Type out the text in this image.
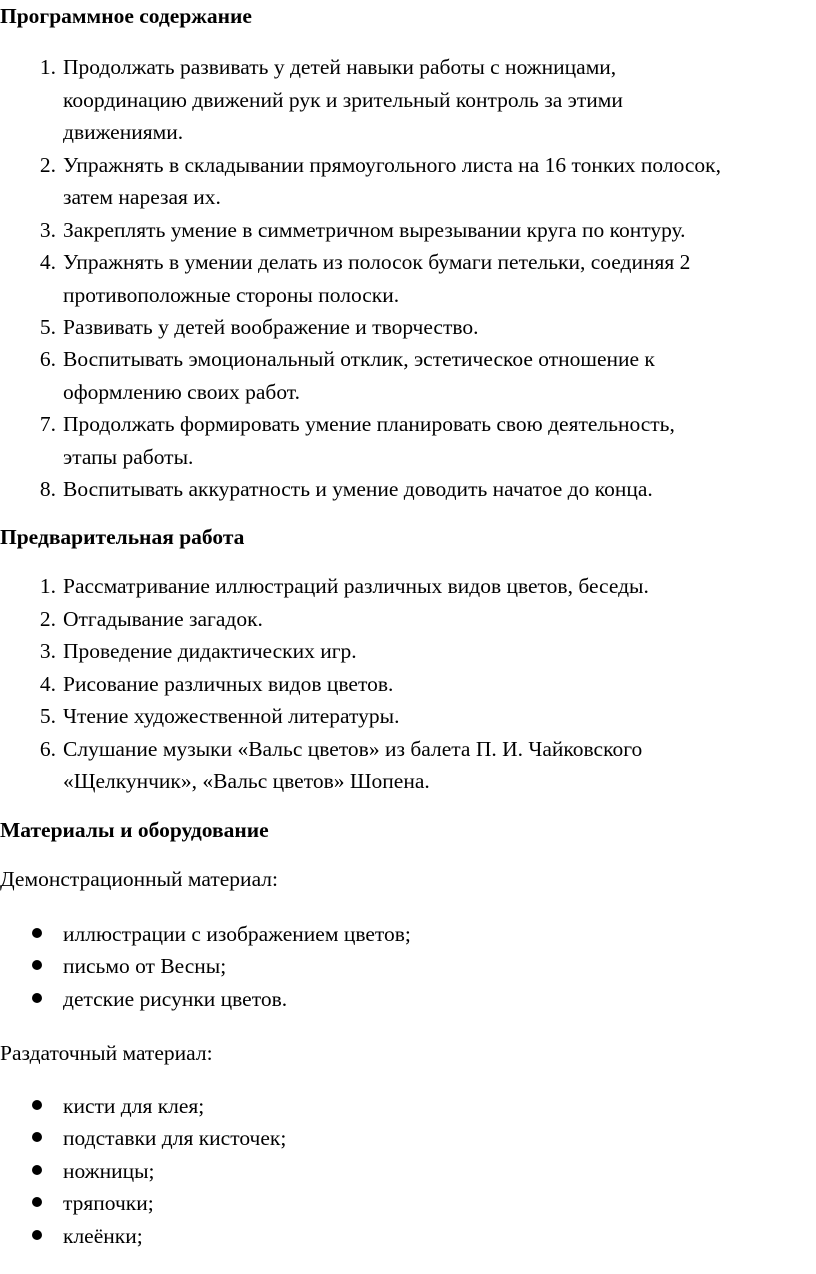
Программное содержание
1. Продолжать развивать у детей навыки работы с ножницами,
координацию движений рук и зрительный контроль за этими
движениями.
2. Упражнять в складывании прямоугольного листа на 16 тонких полосок,
затем нарезая их.
3. Закреплять умение в симметричном вырезывании круга по контуру.
4. Упражнять в умении делать из полосок бумаги петельки, соединяя 2
противоположные стороны полоски.
5. Развивать у детей воображение и творчество.
6. Воспитывать эмоциональный отклик, эстетическое отношение к
оформлению своих работ.
7. Продолжать формировать умение планировать свою деятельность,
этапы работы.
8. Воспитывать аккуратность и умение доводить начатое до конца.
Предварительная работа
1. Рассматривание иллюстраций различных видов цветов, беседы.
2. Отгадывание загадок.
3. Проведение дидактических игр.
4. Рисование различных видов цветов.
5. Чтение художественной литературы.
6. Слушание музыки «Вальс цветов» из балета П. И. Чайковского
«Щелкунчик», «Вальс цветов» Шопена.
Материалы и оборудование
Демонстрационный материал:
иллюстрации с изображением цветов;
письмо от Весны;
детские рисунки цветов.
Раздаточный материал:
кисти для клея;
подставки для кисточек;
ножницы;
тряпочки;
клеёнки;
